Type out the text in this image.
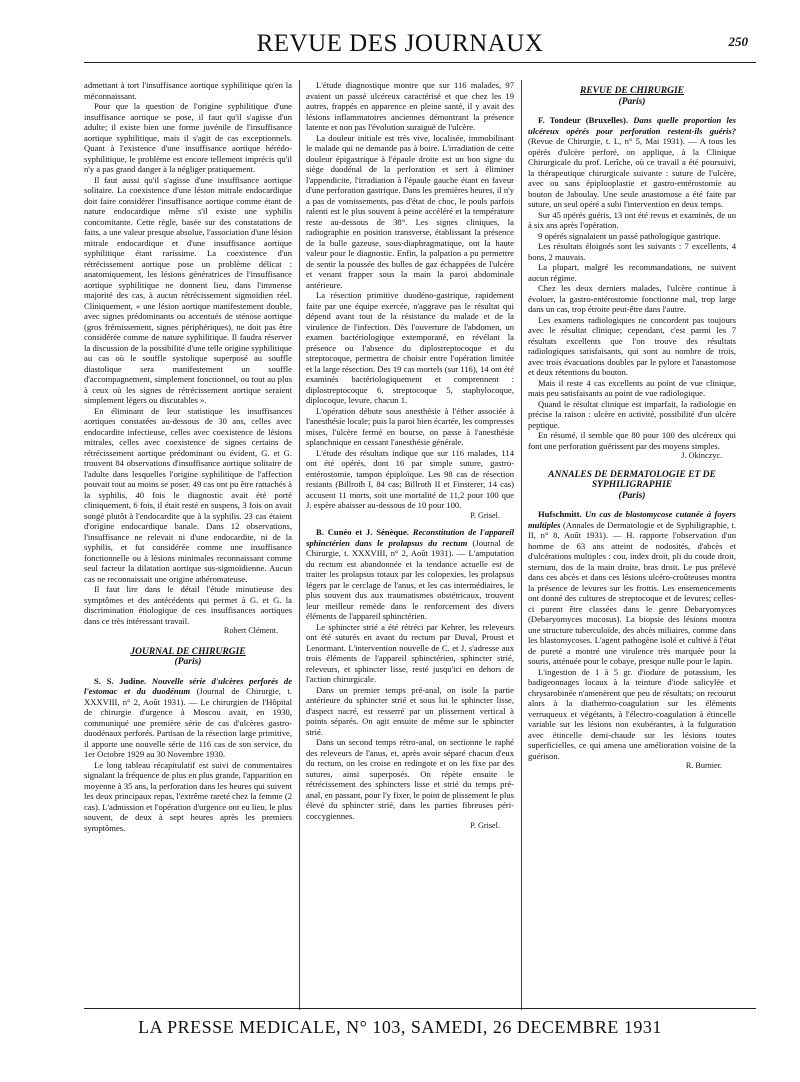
REVUE DES JOURNAUX	250

admettant à tort l'insuffisance aortique syphilitique qu'en la méconnaissant.

Pour que la question de l'origine syphilitique d'une insuffisance aortique se pose, il faut qu'il s'agisse d'un adulte; il existe bien une forme juvénile de l'insuffisance aortique syphilitique, mais il s'agit de cas exceptionnels. Quant à l'existence d'une insuffisance aortique hérédo-syphilitique, le problème est encore tellement imprécis qu'il n'y a pas grand danger à la négliger pratiquement.

Il faut aussi qu'il s'agisse d'une insuffisance aortique solitaire. La coexistence d'une lésion mitrale endocardique doit faire considérer l'insuffisance aortique comme étant de nature endocardique même s'il existe une syphilis concomitante. Cette règle, basée sur des constatations de faits, a une valeur presque absolue, l'association d'une lésion mitrale endocardique et d'une insuffisance aortique syphilitique étant rarissime. La coexistence d'un rétrécissement aortique pose un problème délicat : anatomiquement, les lésions génératrices de l'insuffisance aortique syphilitique ne donnent lieu, dans l'immense majorité des cas, à aucun rétrécissement sigmoïdien réel. Cliniquement, « une lésion aortique manifestement double, avec signes prédominants ou accentués de sténose aortique (gros frémissement, signes périphériques), ne doit pas être considérée comme de nature syphilitique. Il faudra réserver la discussion de la possibilité d'une telle origine syphilitique au cas où le souffle systolique superposé au souffle diastolique sera manifestement un souffle d'accompagnement, simplement fonctionnel, ou tout au plus à ceux où les signes de rétrécissement aortique seraient simplement légers ou discutables ».

En éliminant de leur statistique les insuffisances aortiques constatées au-dessous de 30 ans, celles avec endocardite infectieuse, celles avec coexistence de lésions mitrales, celles avec coexistence de signes certains de rétrécissement aortique prédominant ou évident, G. et G. trouvent 84 observations d'insuffisance aortique solitaire de l'adulte dans lesquelles l'origine syphilitique de l'affection pouvait tout au moins se poser. 49 cas ont pu être rattachés à la syphilis, 40 fois le diagnostic avait été porté cliniquement, 6 fois, il était resté en suspens, 3 fois on avait songé plutôt à l'endocardite que à la syphilis. 23 cas étaient d'origine endocardique banale. Dans 12 observations, l'insuffisance ne relevait ni d'une endocardite, ni de la syphilis, et fut considérée comme une insuffisance fonctionnelle ou à lésions minimales reconnaissant comme seul facteur la dilatation aortique sus-sigmoïdienne. Aucun cas ne reconnaissait une origine athéromateuse.

Il faut lire dans le détail l'étude minutieuse des symptômes et des antécédents qui permet à G. et G. la discrimination étiologique de ces insuffisances aortiques dans ce très intéressant travail.

Robert Clément.

JOURNAL DE CHIRURGIE
(Paris)

S. S. Judine. Nouvelle série d'ulcères perforés de l'estomac et du duodénum (Journal de Chirurgie, t. XXXVIII, n° 2, Août 1931). — Le chirurgien de l'Hôpital de chirurgie d'urgence à Moscou avait, en 1930, communiqué une première série de cas d'ulcères gastro-duodénaux perforés. Partisan de la résection large primitive, il apporte une nouvelle série de 116 cas de son service, du 1er Octobre 1929 au 30 Novembre 1930.

Le long tableau récapitulatif est suivi de commentaires signalant la fréquence de plus en plus grande, l'apparition en moyenne à 35 ans, la perforation dans les heures qui suivent les deux principaux repas, l'extrême rareté chez la femme (2 cas). L'admission et l'opération d'urgence ont eu lieu, le plus souvent, de deux à sept heures après les premiers symptômes.

L'étude diagnostique montre que sur 116 malades, 97 avaient un passé ulcéreux caractérisé et que chez les 19 autres, frappés en apparence en pleine santé, il y avait des lésions inflammatoires anciennes démontrant la présence latente et non pas l'évolution suraiguë de l'ulcère.

La douleur initiale est très vive, localisée, immobilisant le malade qui ne demande pas à boire. L'irradiation de cette douleur épigastrique à l'épaule droite est un bon signe du siège duodénal de la perforation et sert à éliminer l'appendicite, l'irradiation à l'épaule gauche étant en faveur d'une perforation gastrique. Dans les premières heures, il n'y a pas de vomissements, pas d'état de choc, le pouls parfois ralenti est le plus souvent à peine accéléré et la température reste au-dessous de 38°. Les signes cliniques, la radiographie en position transverse, établissant la présence de la bulle gazeuse, sous-diaphragmatique, ont la haute valeur pour le diagnostic. Enfin, la palpation a pu permettre de sentir la poussée des bulles de gaz échappées de l'ulcère et venant frapper sous la main la paroi abdominale antérieure.

La résection primitive duodéno-gastrique, rapidement faite par une équipe exercée, n'aggrave pas le résultat qui dépend avant tout de la résistance du malade et de la virulence de l'infection. Dès l'ouverture de l'abdomen, un examen bactériologique extemporané, en révélant la présence ou l'absence du diplostreptocoque et du streptocoque, permettra de choisir entre l'opération limitée et la large résection. Des 19 cas mortels (sur 116), 14 ont été examinés bactériologiquement et comprennent : diplostreptocoque 6, streptocoque 5, staphylocoque, diplocoque, levure, chacun 1.

L'opération débute sous anesthésie à l'éther associée à l'anesthésie locale; puis la paroi bien écartée, les compresses mises, l'ulcère fermé en bourse, on passe à l'anesthésie splanchnique en cessant l'anesthésie générale.

L'étude des résultats indique que sur 116 malades, 114 ont été opérés, dont 16 par simple suture, gastro-entérostomie, tampon épiploïque. Les 98 cas de résection restants (Billroth I, 84 cas; Billroth II et Finsterer, 14 cas) accusent 11 morts, soit une mortalité de 11,2 pour 100 que J. espère abaisser au-dessous de 10 pour 100.

P. Grisel.

B. Cunéo et J. Sénèque. Reconstitution de l'appareil sphinctérien dans le prolapsus du rectum (Journal de Chirurgie, t. XXXVIII, n° 2, Août 1931). — L'amputation du rectum est abandonnée et la tendance actuelle est de traiter les prolapsus totaux par les colopexies, les prolapsus légers par le cerclage de l'anus, et les cas intermédiaires, le plus souvent dus aux traumatismes obstétricaux, trouvent leur meilleur remède dans le renforcement des divers éléments de l'appareil sphinctérien.

Le sphincter strié a été rétréci par Kehrer, les releveurs ont été suturés en avant du rectum par Duval, Proust et Lenormant. L'intervention nouvelle de C. et J. s'adresse aux trois éléments de l'appareil sphinctérien, sphincter strié, releveurs, et sphincter lisse, resté jusqu'ici en dehors de l'action chirurgicale.

Dans un premier temps pré-anal, on isole la partie antérieure du sphincter strié et sous lui le sphincter lisse, d'aspect nacré, est resserré par un plissement vertical à points séparés. On agit ensuite de même sur le sphincter strié.

Dans un second temps rétro-anal, on sectionne le raphé des releveurs de l'anus, et, après avoir séparé chacun d'eux du rectum, on les croise en redingote et on les fixe par des sutures, ainsi superposés. On répète ensuite le rétrécissement des sphincters lisse et strié du temps pré-anal, en passant, pour l'y fixer, le point de plissement le plus élevé du sphincter strié, dans les parties fibreuses péri-coccygiennes.

P. Grisel.

REVUE DE CHIRURGIE
(Paris)

F. Tondeur (Bruxelles). Dans quelle proportion les ulcéreux opérés pour perforation restent-ils guéris? (Revue de Chirurgie, t. L, n° 5, Mai 1931). — A tous les opérés d'ulcère perforé, on applique, à la Clinique Chirurgicale du prof. Lerîche, où ce travail a été poursuivi, la thérapeutique chirurgicale suivante : suture de l'ulcère, avec ou sans épiplooplastie et gastro-entérostomie au bouton de Jaboulay. Une seule anastomose a été faite par suture, un seul opéré a subi l'intervention en deux temps.

Sur 45 opérés guéris, 13 ont été revus et examinés, de un à six ans après l'opération.

9 opérés signalaient un passé pathologique gastrique.

Les résultats éloignés sont les suivants : 7 excellents, 4 bons, 2 mauvais.

La plupart, malgré les recommandations, ne suivent aucun régime.

Chez les deux derniers malades, l'ulcère continue à évoluer, la gastro-entérostomie fonctionne mal, trop large dans un cas, trop étroite peut-être dans l'autre.

Les examens radiologiques ne concordent pas toujours avec le résultat clinique; cependant, c'est parmi les 7 résultats excellents que l'on trouve des résultats radiologiques satisfaisants, qui sont au nombre de trois, avec trois évacuations doubles par le pylore et l'anastomose et deux rétentions du bouton.

Mais il reste 4 cas excellents au point de vue clinique, mais peu satisfaisants au point de vue radiologique.

Quand le résultat clinique est imparfait, la radiologie en précise la raison : ulcère en activité, possibilité d'un ulcère peptique.

En résumé, il semble que 80 pour 100 des ulcéreux qui font une perforation guérissent par des moyens simples.

J. Okinczyc.

ANNALES DE DERMATOLOGIE ET DE SYPHILIGRAPHIE
(Paris)

Hufschmitt. Un cas de blastomycose cutanée à foyers multiples (Annales de Dermatologie et de Syphiligraphie, t. II, n° 8, Août 1931). — H. rapporte l'observation d'un homme de 63 ans atteint de nodosités, d'abcès et d'ulcérations multiples : cou, index droit, pli du coude droit, sternum, dos de la main droite, bras droit. Le pus prélevé dans ces abcès et dans ces lésions ulcéro-croûteuses montra la présence de levures sur les frottis. Les ensemencements ont donné des cultures de streptocoque et de levures; celles-ci purent être classées dans le genre Debaryomyces (Debaryomyces mucosus). La biopsie des lésions montra une structure tuberculoïde, des abcès miliaires, comme dans les blastomycoses. L'agent pathogène isolé et cultivé à l'état de pureté a montré une virulence très marquée pour la souris, atténuée pour le cobaye, presque nulle pour le lapin.

L'ingestion de 1 à 5 gr. d'iodure de potassium, les badigeonnages locaux à la teinture d'iode salicylée et chrysarobinée n'amenèrent que peu de résultats; on recourut alors à la diathermo-coagulation sur les éléments verruqueux et végétants, à l'électro-coagulation à étincelle variable sur les lésions non exubérantes, à la fulguration avec étincelle demi-chaude sur les lésions toutes superficielles, ce qui amena une amélioration voisine de la guérison.

R. Burnier.

LA PRESSE MEDICALE, N° 103, SAMEDI, 26 DECEMBRE 1931
